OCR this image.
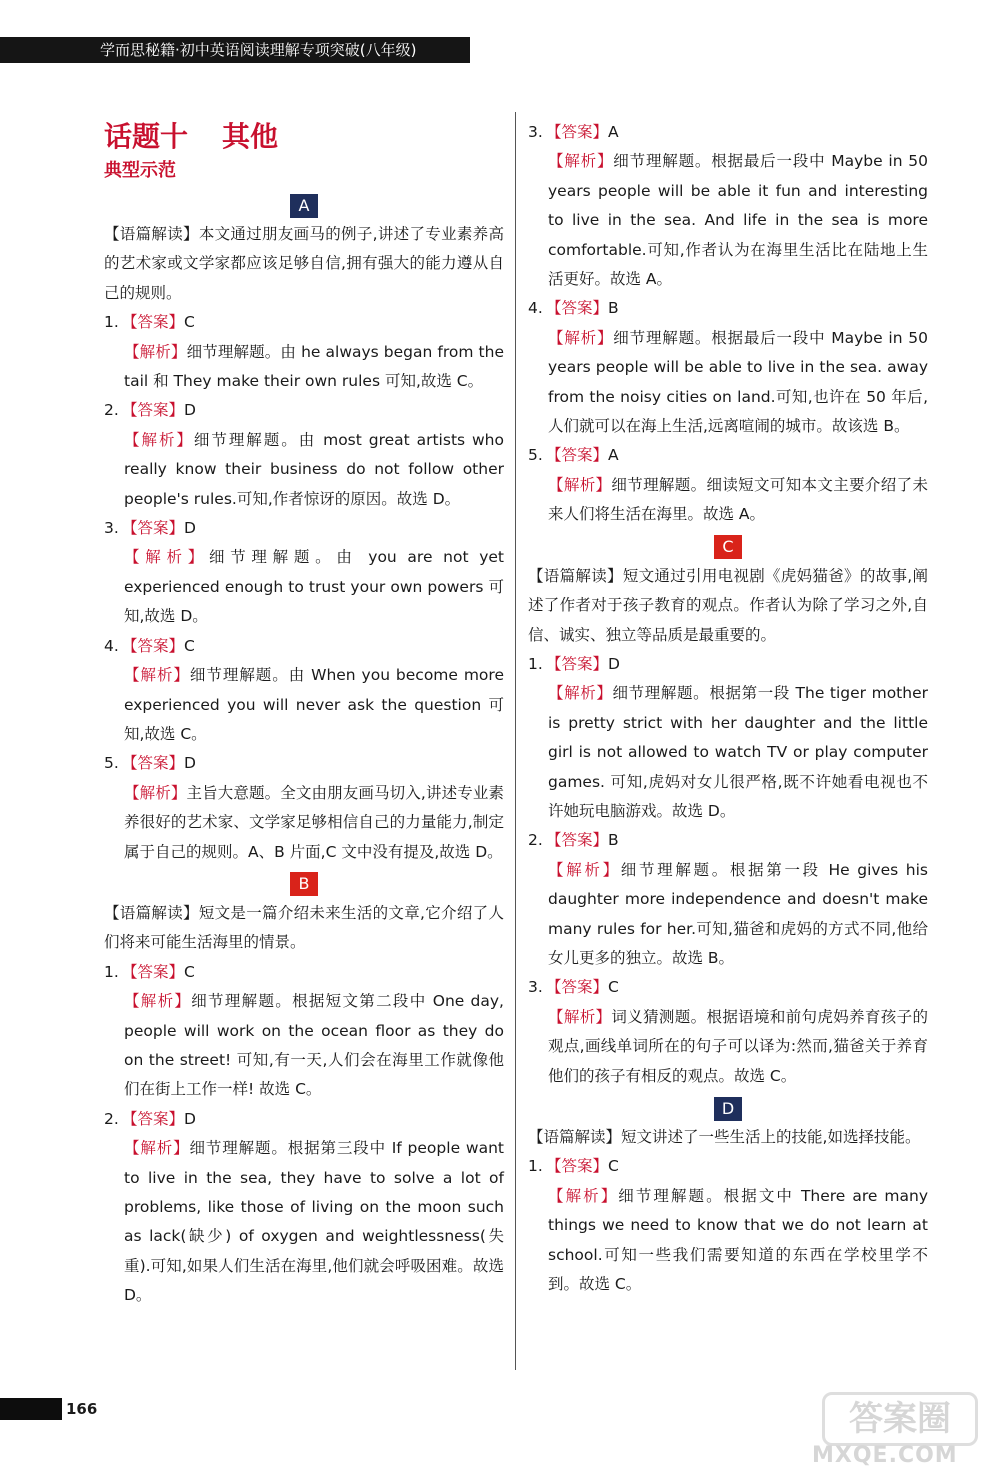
学而思秘籍·初中英语阅读理解专项突破(八年级)
话题十 其他
典型示范
A

【语篇解读】本文通过朋友画马的例子,讲述了专业素养高的艺术家或文学家都应该足够自信,拥有强大的能力遵从自己的规则。

1. 【答案】C

【解析】细节理解题。由 he always began from the tail 和 They make their own rules 可知,故选 C。

2. 【答案】D

【解析】细节理解题。由 most great artists who really know their business do not follow other people's rules.可知,作者惊讶的原因。故选 D。

3. 【答案】D

【解析】细节理解题。由 you are not yet experienced enough to trust your own powers 可知,故选 D。

4. 【答案】C

【解析】细节理解题。由 When you become more experienced you will never ask the question 可知,故选 C。

5. 【答案】D

【解析】主旨大意题。全文由朋友画马切入,讲述专业素养很好的艺术家、文学家足够相信自己的力量能力,制定属于自己的规则。A、B 片面,C 文中没有提及,故选 D。

B

【语篇解读】短文是一篇介绍未来生活的文章,它介绍了人们将来可能生活海里的情景。

1. 【答案】C

【解析】细节理解题。根据短文第二段中 One day, people will work on the ocean floor as they do on the street! 可知,有一天,人们会在海里工作就像他们在街上工作一样! 故选 C。

2. 【答案】D

【解析】细节理解题。根据第三段中 If people want to live in the sea, they have to solve a lot of problems, like those of living on the moon such as lack(缺少) of oxygen and weightlessness(失重).可知,如果人们生活在海里,他们就会呼吸困难。故选 D。

3. 【答案】A

【解析】细节理解题。根据最后一段中 Maybe in 50 years people will be able it fun and interesting to live in the sea. And life in the sea is more comfortable.可知,作者认为在海里生活比在陆地上生活更好。故选 A。

4. 【答案】B

【解析】细节理解题。根据最后一段中 Maybe in 50 years people will be able to live in the sea. away from the noisy cities on land.可知,也许在 50 年后,人们就可以在海上生活,远离喧闹的城市。故该选 B。

5. 【答案】A

【解析】细节理解题。细读短文可知本文主要介绍了未来人们将生活在海里。故选 A。

C

【语篇解读】短文通过引用电视剧《虎妈猫爸》的故事,阐述了作者对于孩子教育的观点。作者认为除了学习之外,自信、诚实、独立等品质是最重要的。

1. 【答案】D

【解析】细节理解题。根据第一段 The tiger mother is pretty strict with her daughter and the little girl is not allowed to watch TV or play computer games. 可知,虎妈对女儿很严格,既不许她看电视也不许她玩电脑游戏。故选 D。

2. 【答案】B

【解析】细节理解题。根据第一段 He gives his daughter more independence and doesn't make many rules for her.可知,猫爸和虎妈的方式不同,他给女儿更多的独立。故选 B。

3. 【答案】C

【解析】词义猜测题。根据语境和前句虎妈养育孩子的观点,画线单词所在的句子可以译为:然而,猫爸关于养育他们的孩子有相反的观点。故选 C。

D

【语篇解读】短文讲述了一些生活上的技能,如选择技能。

1. 【答案】C

【解析】细节理解题。根据文中 There are many things we need to know that we do not learn at school.可知一些我们需要知道的东西在学校里学不到。故选 C。

166	答案圈
MXQE.COM
